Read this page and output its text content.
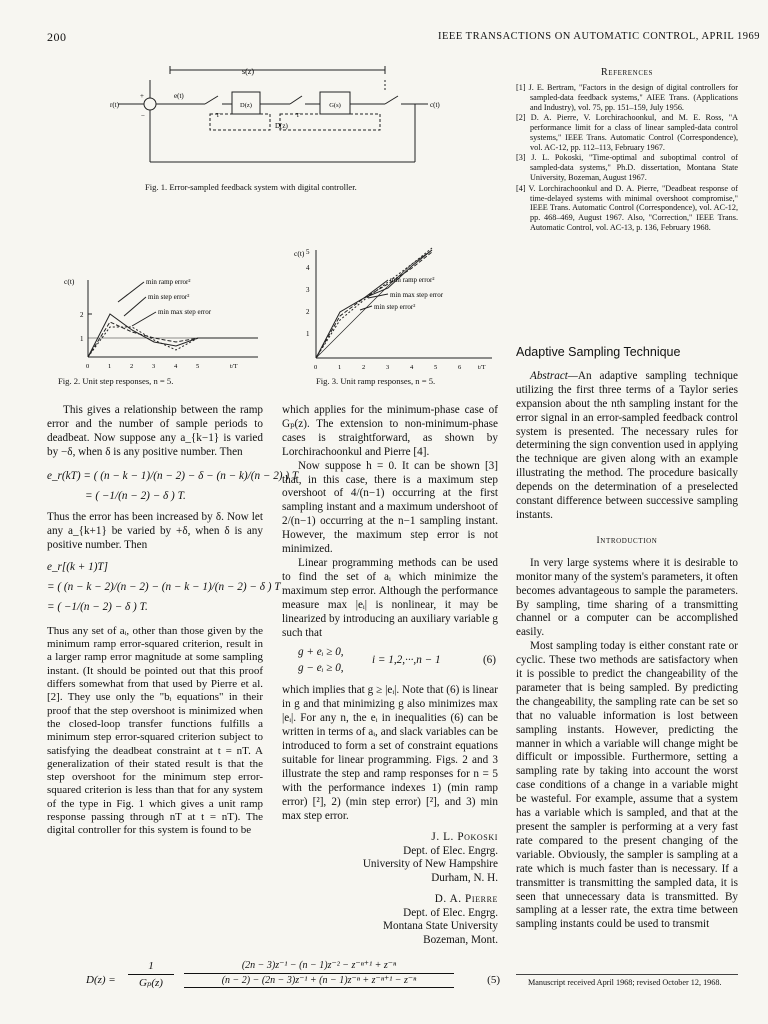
200	IEEE TRANSACTIONS ON AUTOMATIC CONTROL, APRIL 1969
s(z)
r(t)
e(t)
D(z)	G(s)	c(t)
D(z)
T	T
+
−
Fig. 1. Error-sampled feedback system with digital controller.
c(t)
1
2
0	1	2	3	4	5	t/T
min ramp error²
min step error²
min max step error
Fig. 2. Unit step responses, n = 5.
c(t)
1
2
3
4
5
0	1	2	3	4	5	6	t/T
min ramp error²
min max step error
min step error²
Fig. 3. Unit ramp responses, n = 5.
References
[1] J. E. Bertram, "Factors in the design of digital controllers for sampled-data feedback systems," AIEE Trans. (Applications and Industry), vol. 75, pp. 151–159, July 1956.
[2] D. A. Pierre, V. Lorchirachoonkul, and M. E. Ross, "A performance limit for a class of linear sampled-data control systems," IEEE Trans. Automatic Control (Correspondence), vol. AC-12, pp. 112–113, February 1967.
[3] J. L. Pokoski, "Time-optimal and suboptimal control of sampled-data systems," Ph.D. dissertation, Montana State University, Bozeman, August 1967.
[4] V. Lorchirachoonkul and D. A. Pierre, "Deadbeat response of time-delayed systems with minimal overshoot compromise," IEEE Trans. Automatic Control (Correspondence), vol. AC-12, pp. 468–469, August 1967. Also, "Correction," IEEE Trans. Automatic Control, vol. AC-13, p. 136, February 1968.

This gives a relationship between the ramp error and the number of sample periods to deadbeat. Now suppose any a_{k−1} is varied by −δ, when δ is any positive number. Then

e_r(kT) = ( (n − k − 1)/(n − 2) − δ − (n − k)/(n − 2) ) T
= ( −1/(n − 2) − δ ) T.

Thus the error has been increased by δ. Now let any a_{k+1} be varied by +δ, when δ is any positive number. Then

e_r[(k + 1)T]
= ( (n − k − 2)/(n − 2) − (n − k − 1)/(n − 2) − δ ) T
= ( −1/(n − 2) − δ ) T.

Thus any set of aᵢ, other than those given by the minimum ramp error-squared criterion, result in a larger ramp error magnitude at some sampling instant. (It should be pointed out that this proof differs somewhat from that used by Pierre et al. [2]. They use only the "bᵢ equations" in their proof that the step overshoot is minimized when the closed-loop transfer functions fulfills a minimum step error-squared criterion subject to satisfying the deadbeat constraint at t = nT. A generalization of their stated result is that the step overshoot for the minimum step error-squared criterion is less than that for any system of the type in Fig. 1 which gives a unit ramp response passing through nT at t = nT). The digital controller for this system is found to be

which applies for the minimum-phase case of Gₚ(z). The extension to non-minimum-phase cases is straightforward, as shown by Lorchirachoonkul and Pierre [4].

Now suppose h = 0. It can be shown [3] that, in this case, there is a maximum step overshoot of 4/(n−1) occurring at the first sampling instant and a maximum undershoot of 2/(n−1) occurring at the n−1 sampling instant. However, the maximum step error is not minimized.

Linear programming methods can be used to find the set of aᵢ which minimize the maximum step error. Although the performance measure max |eᵢ| is nonlinear, it may be linearized by introducing an auxiliary variable g such that

g + eᵢ ≥ 0,
g − eᵢ ≥ 0,
i = 1,2,···,n − 1	(6)

which implies that g ≥ |eᵢ|. Note that (6) is linear in g and that minimizing g also minimizes max |eᵢ|. For any n, the eᵢ in inequalities (6) can be written in terms of aᵢ, and slack variables can be introduced to form a set of constraint equations suitable for linear programming. Figs. 2 and 3 illustrate the step and ramp responses for n = 5 with the performance indexes 1) (min ramp error) [²], 2) (min step error) [²], and 3) min max step error.

J. L. Pokoski
Dept. of Elec. Engrg.
University of New Hampshire
Durham, N. H.
D. A. Pierre
Dept. of Elec. Engrg.
Montana State University
Bozeman, Mont.
$D(z) = \frac{1}{\text{Gₚ(z)}} \frac{\text{(2n − 3)z⁻¹ − (n − 1)z⁻² − z⁻ⁿ⁺¹ + z⁻ⁿ}}{\text{(n − 2) − (2n − 3)z⁻¹ + (n − 1)z⁻ⁿ + z⁻ⁿ⁺¹ − z⁻ⁿ}}$	(5)
Adaptive Sampling Technique

Abstract—An adaptive sampling technique utilizing the first three terms of a Taylor series expansion about the nth sampling instant for the error signal in an error-sampled feedback control system is presented. The necessary rules for determining the sign convention used in applying the technique are given along with an example illustrating the method. The procedure basically depends on the determination of a preselected constant difference between successive sampling instants.

Introduction

In very large systems where it is desirable to monitor many of the system's parameters, it often becomes advantageous to sample the parameters. By sampling, time sharing of a transmitting channel or a computer can be accomplished easily.

Most sampling today is either constant rate or cyclic. These two methods are satisfactory when it is possible to predict the changeability of the parameter that is being sampled. By predicting the changeability, the sampling rate can be set so that no valuable information is lost between sampling instants. However, predicting the manner in which a variable will change might be difficult or impossible. Furthermore, setting a sampling rate by taking into account the worst case conditions of a change in a variable might be wasteful. For example, assume that a system has a variable which is sampled, and that at the present the sampler is performing at a very fast rate compared to the present changing of the variable. Obviously, the sampler is sampling at a rate which is much faster than is necessary. If a transmitter is transmitting the sampled data, it is seen that unnecessary data is transmitted. By sampling at a lesser rate, the extra time between sampling instants could be used to transmit

Manuscript received April 1968; revised October 12, 1968.
